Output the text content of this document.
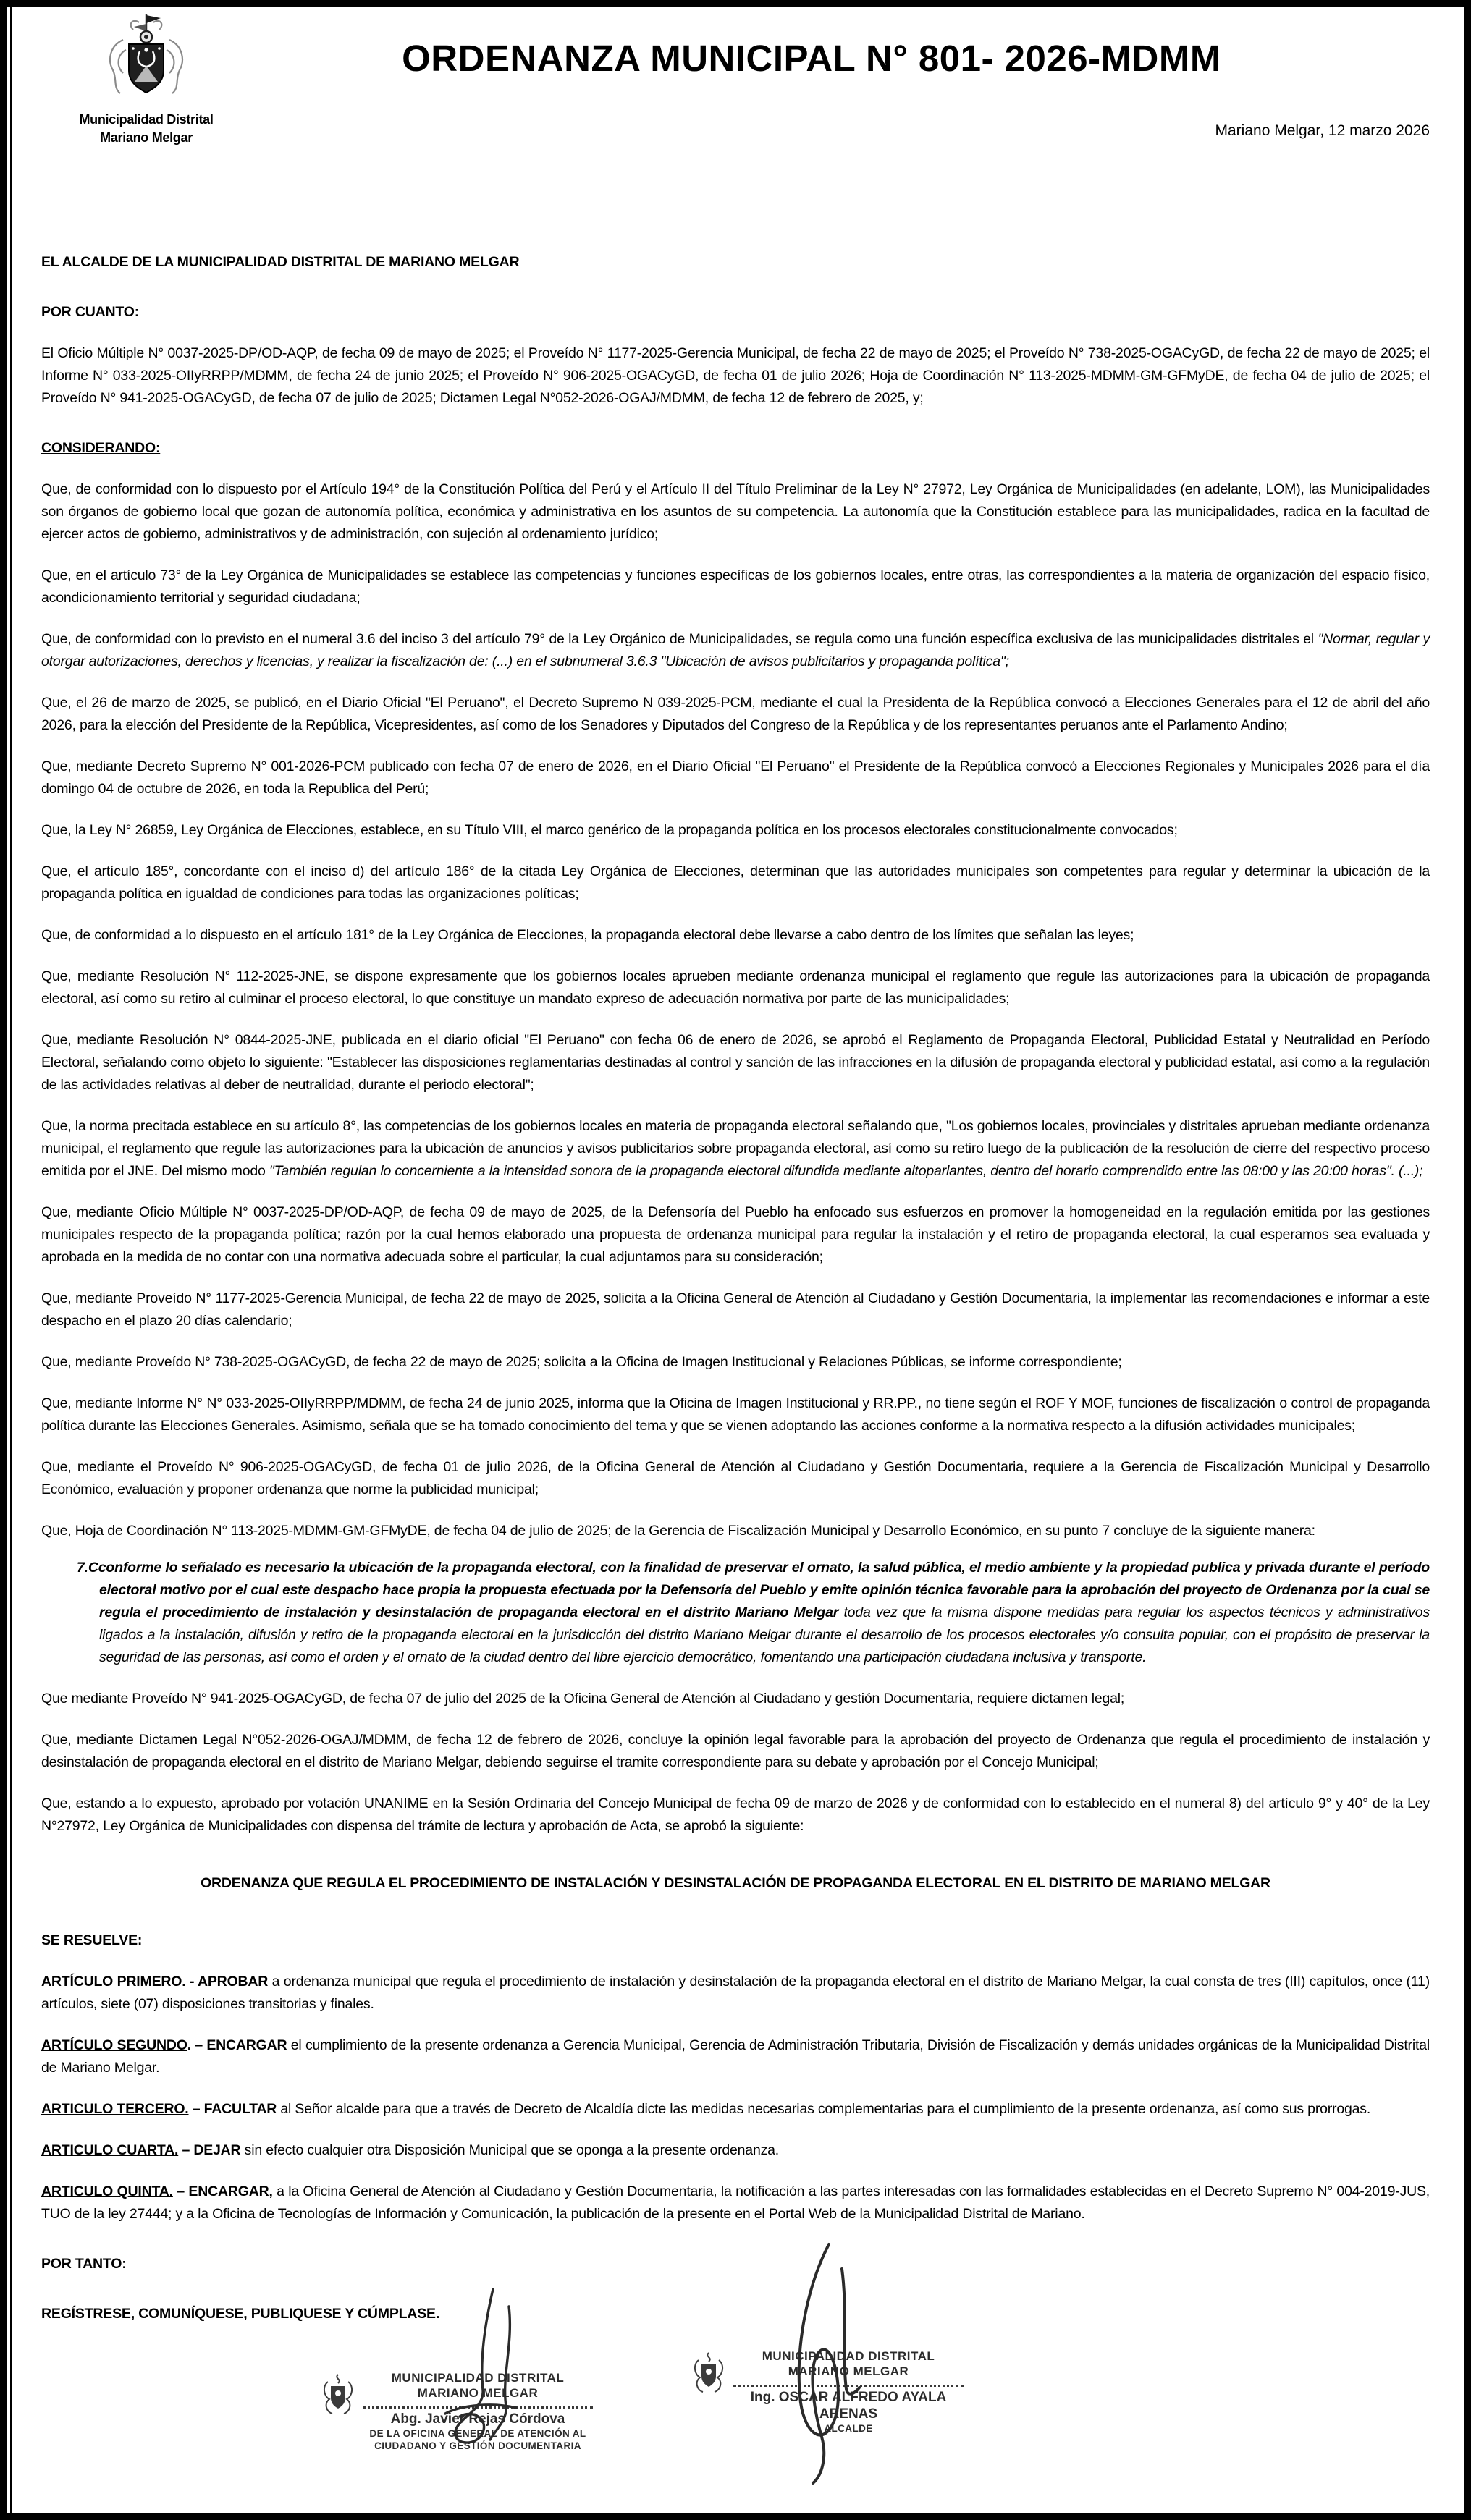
Municipalidad Distrital
Mariano Melgar
ORDENANZA MUNICIPAL N° 801- 2026-MDMM
Mariano Melgar, 12 marzo 2026

EL ALCALDE DE LA MUNICIPALIDAD DISTRITAL DE MARIANO MELGAR

POR CUANTO:

El Oficio Múltiple N° 0037-2025-DP/OD-AQP, de fecha 09 de mayo de 2025; el Proveído N° 1177-2025-Gerencia Municipal, de fecha 22 de mayo de 2025; el Proveído N° 738-2025-OGACyGD, de fecha 22 de mayo de 2025; el Informe N° 033-2025-OIIyRRPP/MDMM, de fecha 24 de junio 2025; el Proveído N° 906-2025-OGACyGD, de fecha 01 de julio 2026; Hoja de Coordinación N° 113-2025-MDMM-GM-GFMyDE, de fecha 04 de julio de 2025; el Proveído N° 941-2025-OGACyGD, de fecha 07 de julio de 2025; Dictamen Legal N°052-2026-OGAJ/MDMM, de fecha 12 de febrero de 2025, y;

CONSIDERANDO:

Que, de conformidad con lo dispuesto por el Artículo 194° de la Constitución Política del Perú y el Artículo II del Título Preliminar de la Ley N° 27972, Ley Orgánica de Municipalidades (en adelante, LOM), las Municipalidades son órganos de gobierno local que gozan de autonomía política, económica y administrativa en los asuntos de su competencia. La autonomía que la Constitución establece para las municipalidades, radica en la facultad de ejercer actos de gobierno, administrativos y de administración, con sujeción al ordenamiento jurídico;

Que, en el artículo 73° de la Ley Orgánica de Municipalidades se establece las competencias y funciones específicas de los gobiernos locales, entre otras, las correspondientes a la materia de organización del espacio físico, acondicionamiento territorial y seguridad ciudadana;

Que, de conformidad con lo previsto en el numeral 3.6 del inciso 3 del artículo 79° de la Ley Orgánico de Municipalidades, se regula como una función específica exclusiva de las municipalidades distritales el "Normar, regular y otorgar autorizaciones, derechos y licencias, y realizar la fiscalización de: (...) en el subnumeral 3.6.3 "Ubicación de avisos publicitarios y propaganda política";

Que, el 26 de marzo de 2025, se publicó, en el Diario Oficial "El Peruano", el Decreto Supremo N 039-2025-PCM, mediante el cual la Presidenta de la República convocó a Elecciones Generales para el 12 de abril del año 2026, para la elección del Presidente de la República, Vicepresidentes, así como de los Senadores y Diputados del Congreso de la República y de los representantes peruanos ante el Parlamento Andino;

Que, mediante Decreto Supremo N° 001-2026-PCM publicado con fecha 07 de enero de 2026, en el Diario Oficial "El Peruano" el Presidente de la República convocó a Elecciones Regionales y Municipales 2026 para el día domingo 04 de octubre de 2026, en toda la Republica del Perú;

Que, la Ley N° 26859, Ley Orgánica de Elecciones, establece, en su Título VIII, el marco genérico de la propaganda política en los procesos electorales constitucionalmente convocados;

Que, el artículo 185°, concordante con el inciso d) del artículo 186° de la citada Ley Orgánica de Elecciones, determinan que las autoridades municipales son competentes para regular y determinar la ubicación de la propaganda política en igualdad de condiciones para todas las organizaciones políticas;

Que, de conformidad a lo dispuesto en el artículo 181° de la Ley Orgánica de Elecciones, la propaganda electoral debe llevarse a cabo dentro de los límites que señalan las leyes;

Que, mediante Resolución N° 112-2025-JNE, se dispone expresamente que los gobiernos locales aprueben mediante ordenanza municipal el reglamento que regule las autorizaciones para la ubicación de propaganda electoral, así como su retiro al culminar el proceso electoral, lo que constituye un mandato expreso de adecuación normativa por parte de las municipalidades;

Que, mediante Resolución N° 0844-2025-JNE, publicada en el diario oficial "El Peruano" con fecha 06 de enero de 2026, se aprobó el Reglamento de Propaganda Electoral, Publicidad Estatal y Neutralidad en Período Electoral, señalando como objeto lo siguiente: "Establecer las disposiciones reglamentarias destinadas al control y sanción de las infracciones en la difusión de propaganda electoral y publicidad estatal, así como a la regulación de las actividades relativas al deber de neutralidad, durante el periodo electoral";

Que, la norma precitada establece en su artículo 8°, las competencias de los gobiernos locales en materia de propaganda electoral señalando que, "Los gobiernos locales, provinciales y distritales aprueban mediante ordenanza municipal, el reglamento que regule las autorizaciones para la ubicación de anuncios y avisos publicitarios sobre propaganda electoral, así como su retiro luego de la publicación de la resolución de cierre del respectivo proceso emitida por el JNE. Del mismo modo "También regulan lo concerniente a la intensidad sonora de la propaganda electoral difundida mediante altoparlantes, dentro del horario comprendido entre las 08:00 y las 20:00 horas". (...);

Que, mediante Oficio Múltiple N° 0037-2025-DP/OD-AQP, de fecha 09 de mayo de 2025, de la Defensoría del Pueblo ha enfocado sus esfuerzos en promover la homogeneidad en la regulación emitida por las gestiones municipales respecto de la propaganda política; razón por la cual hemos elaborado una propuesta de ordenanza municipal para regular la instalación y el retiro de propaganda electoral, la cual esperamos sea evaluada y aprobada en la medida de no contar con una normativa adecuada sobre el particular, la cual adjuntamos para su consideración;

Que, mediante Proveído N° 1177-2025-Gerencia Municipal, de fecha 22 de mayo de 2025, solicita a la Oficina General de Atención al Ciudadano y Gestión Documentaria, la implementar las recomendaciones e informar a este despacho en el plazo 20 días calendario;

Que, mediante Proveído N° 738-2025-OGACyGD, de fecha 22 de mayo de 2025; solicita a la Oficina de Imagen Institucional y Relaciones Públicas, se informe correspondiente;

Que, mediante Informe N° N° 033-2025-OIIyRRPP/MDMM, de fecha 24 de junio 2025, informa que la Oficina de Imagen Institucional y RR.PP., no tiene según el ROF Y MOF, funciones de fiscalización o control de propaganda política durante las Elecciones Generales. Asimismo, señala que se ha tomado conocimiento del tema y que se vienen adoptando las acciones conforme a la normativa respecto a la difusión actividades municipales;

Que, mediante el Proveído N° 906-2025-OGACyGD, de fecha 01 de julio 2026, de la Oficina General de Atención al Ciudadano y Gestión Documentaria, requiere a la Gerencia de Fiscalización Municipal y Desarrollo Económico, evaluación y proponer ordenanza que norme la publicidad municipal;

Que, Hoja de Coordinación N° 113-2025-MDMM-GM-GFMyDE, de fecha 04 de julio de 2025; de la Gerencia de Fiscalización Municipal y Desarrollo Económico, en su punto 7 concluye de la siguiente manera:

7.Cconforme lo señalado es necesario la ubicación de la propaganda electoral, con la finalidad de preservar el ornato, la salud pública, el medio ambiente y la propiedad publica y privada durante el período electoral motivo por el cual este despacho hace propia la propuesta efectuada por la Defensoría del Pueblo y emite opinión técnica favorable para la aprobación del proyecto de Ordenanza por la cual se regula el procedimiento de instalación y desinstalación de propaganda electoral en el distrito Mariano Melgar toda vez que la misma dispone medidas para regular los aspectos técnicos y administrativos ligados a la instalación, difusión y retiro de la propaganda electoral en la jurisdicción del distrito Mariano Melgar durante el desarrollo de los procesos electorales y/o consulta popular, con el propósito de preservar la seguridad de las personas, así como el orden y el ornato de la ciudad dentro del libre ejercicio democrático, fomentando una participación ciudadana inclusiva y transporte.

Que mediante Proveído N° 941-2025-OGACyGD, de fecha 07 de julio del 2025 de la Oficina General de Atención al Ciudadano y gestión Documentaria, requiere dictamen legal;

Que, mediante Dictamen Legal N°052-2026-OGAJ/MDMM, de fecha 12 de febrero de 2026, concluye la opinión legal favorable para la aprobación del proyecto de Ordenanza que regula el procedimiento de instalación y desinstalación de propaganda electoral en el distrito de Mariano Melgar, debiendo seguirse el tramite correspondiente para su debate y aprobación por el Concejo Municipal;

Que, estando a lo expuesto, aprobado por votación UNANIME en la Sesión Ordinaria del Concejo Municipal de fecha 09 de marzo de 2026 y de conformidad con lo establecido en el numeral 8) del artículo 9° y 40° de la Ley N°27972, Ley Orgánica de Municipalidades con dispensa del trámite de lectura y aprobación de Acta, se aprobó la siguiente:

ORDENANZA QUE REGULA EL PROCEDIMIENTO DE INSTALACIÓN Y DESINSTALACIÓN DE PROPAGANDA ELECTORAL EN EL DISTRITO DE MARIANO MELGAR

SE RESUELVE:

ARTÍCULO PRIMERO. - APROBAR a ordenanza municipal que regula el procedimiento de instalación y desinstalación de la propaganda electoral en el distrito de Mariano Melgar, la cual consta de tres (III) capítulos, once (11) artículos, siete (07) disposiciones transitorias y finales.

ARTÍCULO SEGUNDO. – ENCARGAR el cumplimiento de la presente ordenanza a Gerencia Municipal, Gerencia de Administración Tributaria, División de Fiscalización y demás unidades orgánicas de la Municipalidad Distrital de Mariano Melgar.

ARTICULO TERCERO. – FACULTAR al Señor alcalde para que a través de Decreto de Alcaldía dicte las medidas necesarias complementarias para el cumplimiento de la presente ordenanza, así como sus prorrogas.

ARTICULO CUARTA. – DEJAR sin efecto cualquier otra Disposición Municipal que se oponga a la presente ordenanza.

ARTICULO QUINTA. – ENCARGAR, a la Oficina General de Atención al Ciudadano y Gestión Documentaria, la notificación a las partes interesadas con las formalidades establecidas en el Decreto Supremo N° 004-2019-JUS, TUO de la ley 27444; y a la Oficina de Tecnologías de Información y Comunicación, la publicación de la presente en el Portal Web de la Municipalidad Distrital de Mariano.

POR TANTO:

REGÍSTRESE, COMUNÍQUESE, PUBLIQUESE Y CÚMPLASE.

MUNICIPALIDAD DISTRITAL
MARIANO MELGAR
Abg. Javier Rejas Córdova
DE LA OFICINA GENERAL DE ATENCIÓN AL
CIUDADANO Y GESTIÓN DOCUMENTARIA
MUNICIPALIDAD DISTRITAL
MARIANO MELGAR
Ing. OSCAR ALFREDO AYALA ARENAS
ALCALDE
